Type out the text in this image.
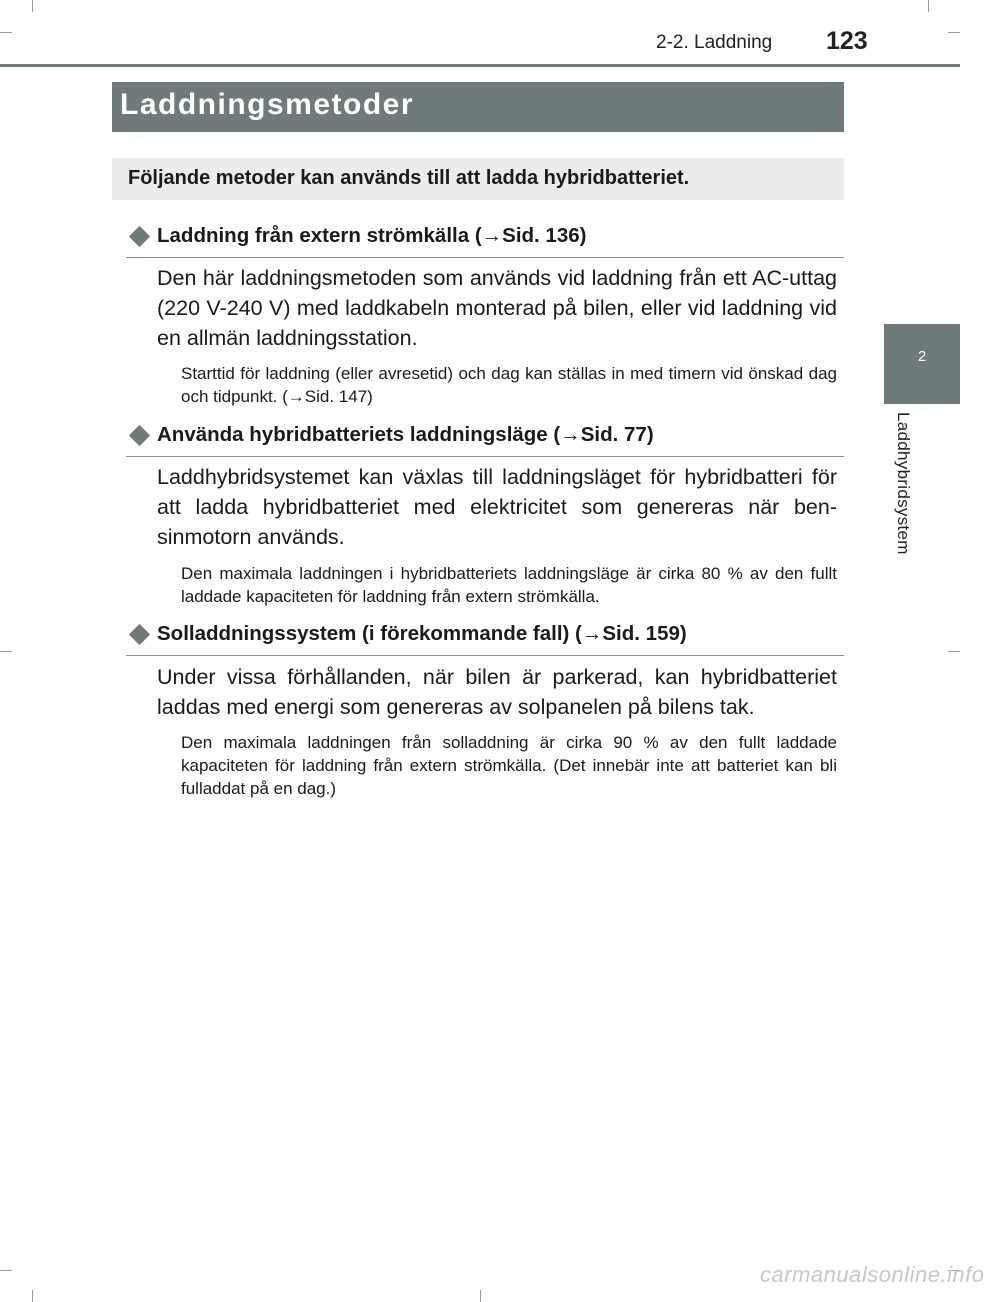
2-2. Laddning 123
2
Laddhybridsystem
Laddningsmetoder
Följande metoder kan används till att ladda hybridbatteriet.
Laddning från extern strömkälla (→Sid. 136)

Den här laddningsmetoden som används vid laddning från ett AC-uttag (220 V-240 V) med laddkabeln monterad på bilen, eller vid laddning vid en allmän laddningsstation.

Starttid för laddning (eller avresetid) och dag kan ställas in med timern vid önskad dag och tidpunkt. (→Sid. 147)

Använda hybridbatteriets laddningsläge (→Sid. 77)

Laddhybridsystemet kan växlas till laddningsläget för hybridbatteri för att ladda hybridbatteriet med elektricitet som genereras när ben-sinmotorn används.

Den maximala laddningen i hybridbatteriets laddningsläge är cirka 80 % av den fullt laddade kapaciteten för laddning från extern strömkälla.

Solladdningssystem (i förekommande fall) (→Sid. 159)

Under vissa förhållanden, när bilen är parkerad, kan hybridbatteriet laddas med energi som genereras av solpanelen på bilens tak.

Den maximala laddningen från solladdning är cirka 90 % av den fullt laddade kapaciteten för laddning från extern strömkälla. (Det innebär inte att batteriet kan bli fulladdat på en dag.)

carmanualsonline.info
